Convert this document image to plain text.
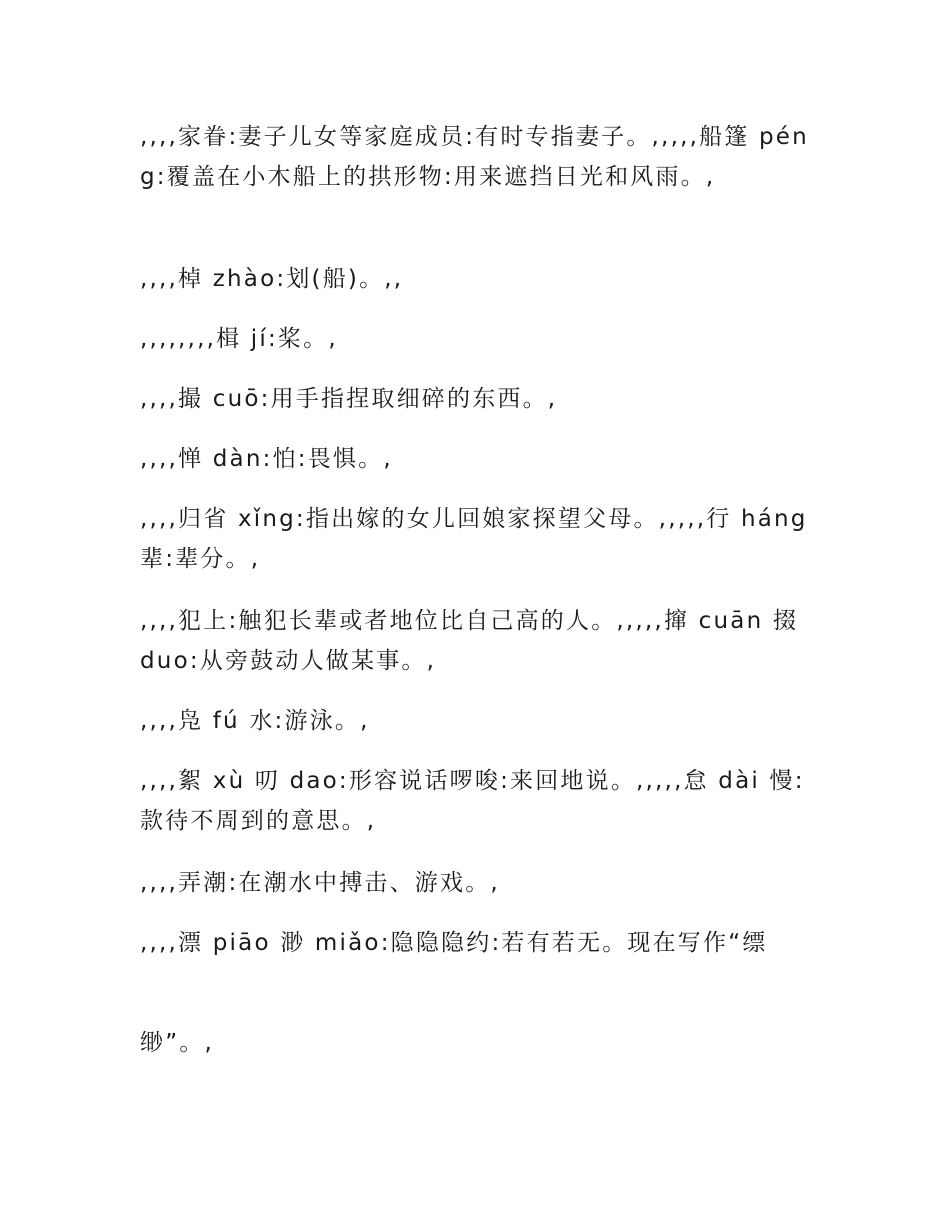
,,,,家眷:妻子儿女等家庭成员:有时专指妻子。,,,,,船篷 péng:覆盖在小木船上的拱形物:用来遮挡日光和风雨。,

,,,,棹 zhào:划(船)。,,

,,,,,,,,楫 jí:桨。,

,,,,撮 cuō:用手指捏取细碎的东西。,

,,,,惮 dàn:怕:畏惧。,

,,,,归省 xǐng:指出嫁的女儿回娘家探望父母。,,,,,行 háng 辈:辈分。,

,,,,犯上:触犯长辈或者地位比自己高的人。,,,,,撺 cuān 掇 duo:从旁鼓动人做某事。,

,,,,凫 fú 水:游泳。,

,,,,絮 xù 叨 dao:形容说话啰唆:来回地说。,,,,,怠 dài 慢:款待不周到的意思。,

,,,,弄潮:在潮水中搏击、游戏。,

,,,,漂 piāo 渺 miǎo:隐隐隐约:若有若无。现在写作“缥

缈”。,
